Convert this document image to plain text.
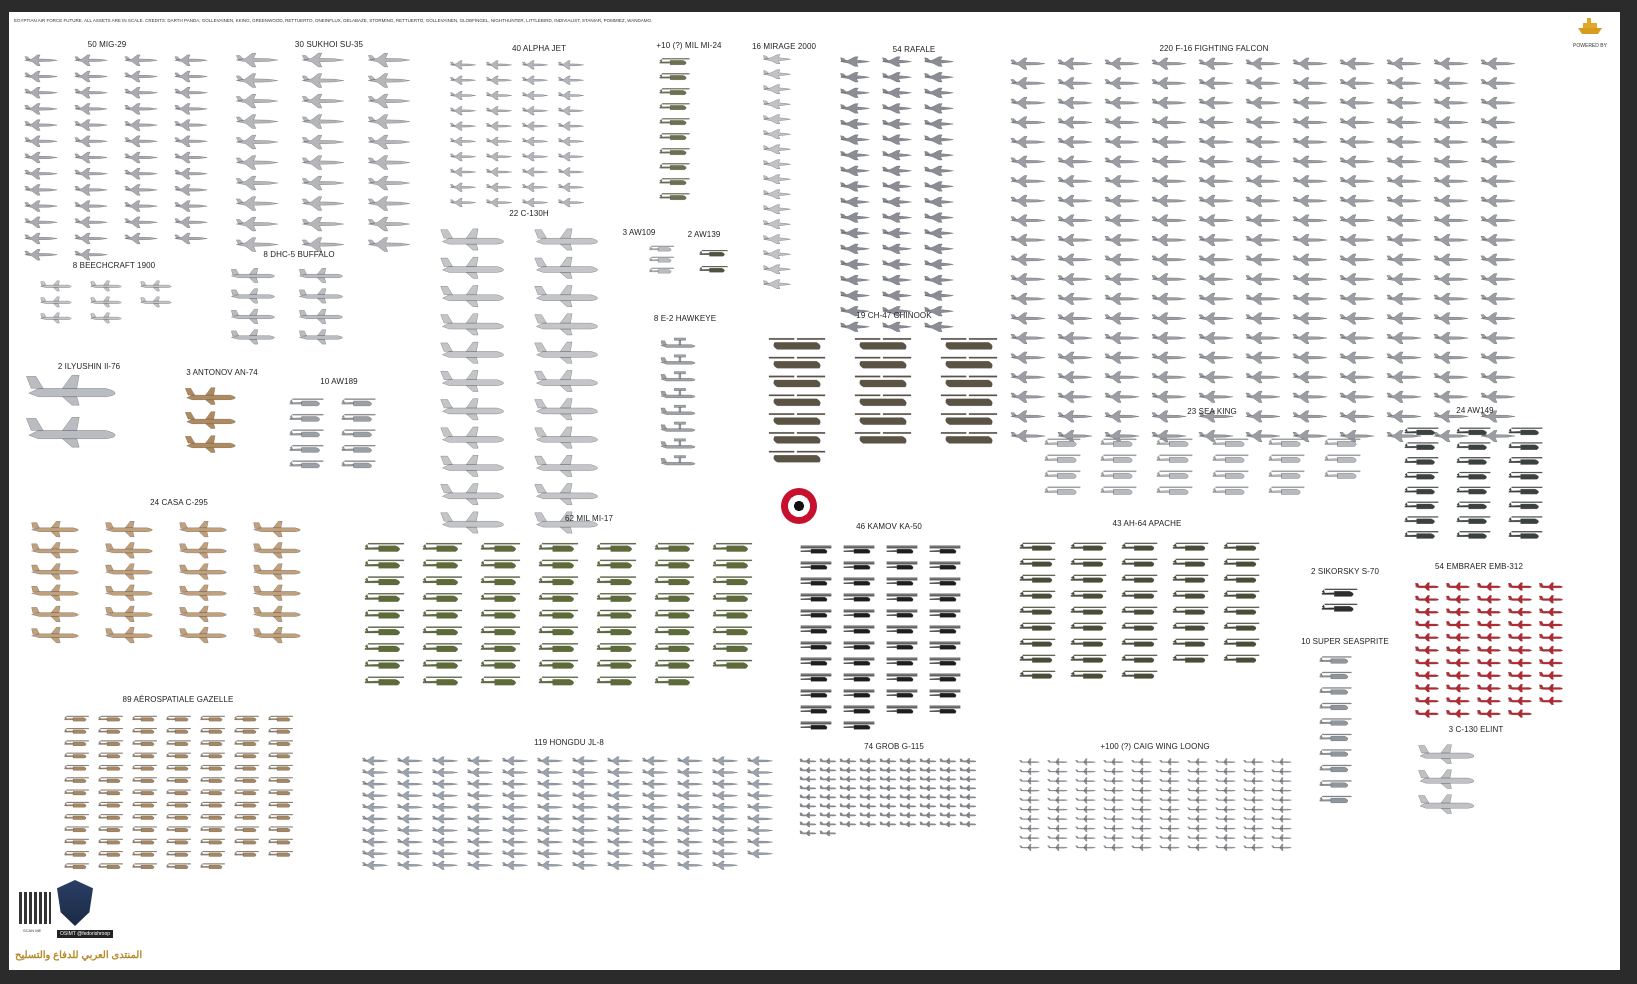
EGYPTIAN AIR FORCE FUTURE. ALL ASSETS ARE IN SCALE. CREDITS: DARTH PANDA, GOLLEVAINEN, KKING, GREENWOOD, RETTUERTO, ONEINFLUX, DELABAZE, STORMING, RETTUERTO, GOLLEVAINEN, GLOBFINGEL, NIGHTHUNTER, LITTLEBIRD, INDIVIALIST, STANIAR, POMMIEZ, WANDAMO.
POWERED BY
50 MIG-29	30 SUKHOI SU-35	40 ALPHA JET	+10 (?) MIL MI-24	16 MIRAGE 2000	54 RAFALE	220 F-16 FIGHTING FALCON
22 C-130H
3 AW109	2 AW139
8 BEECHCRAFT 1900
8 DHC-5 BUFFALO
8 E-2 HAWKEYE	19 CH-47 CHINOOK
2 ILYUSHIN Il-76
3 ANTONOV AN-74
10 AW189
23 SEA KING	24 AW149
24 CASA C-295
62 MIL MI-17
46 KAMOV KA-50	43 AH-64 APACHE
2 SIKORSKY S-70
54 EMBRAER EMB-312
10 SUPER SEASPRITE
89 AÉROSPATIALE GAZELLE
119 HONGDU JL-8	74 GROB G-115	+100 (?) CAIG WING LOONG
3 C-130 ELINT
SCAN ME
OSIMT @fedorishroop
المنتدى العربي للدفاع والتسليح
